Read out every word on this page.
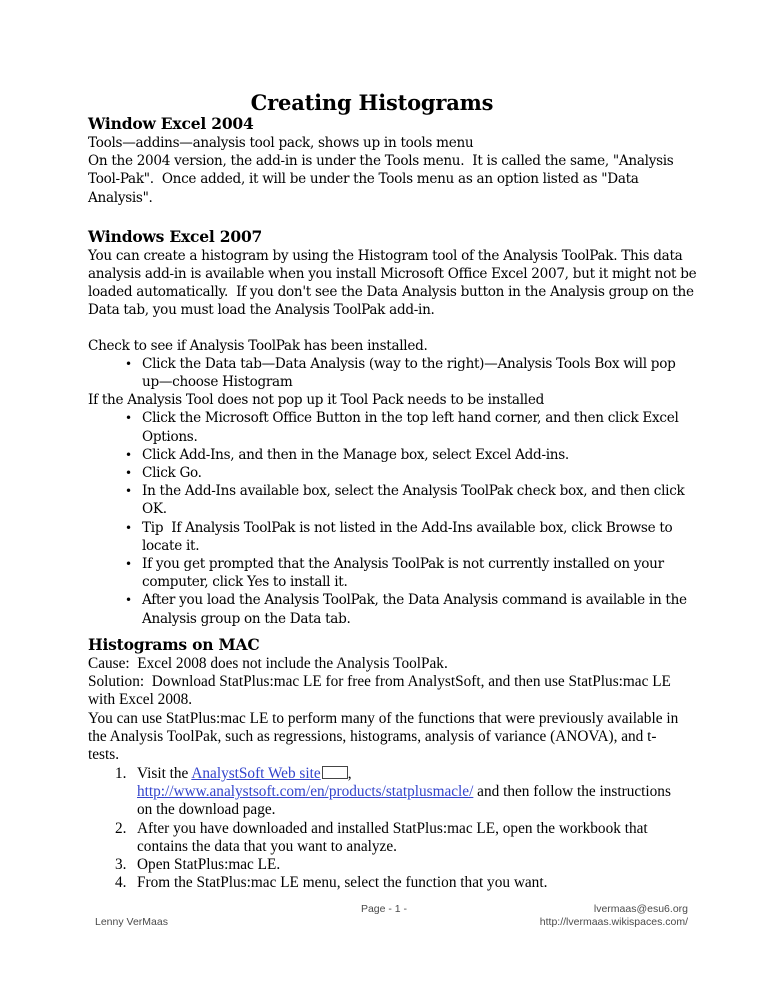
Creating Histograms
Window Excel 2004
Tools—addins—analysis tool pack, shows up in tools menu
On the 2004 version, the add-in is under the Tools menu.  It is called the same, "Analysis
Tool-Pak".  Once added, it will be under the Tools menu as an option listed as "Data
Analysis".
Windows Excel 2007
You can create a histogram by using the Histogram tool of the Analysis ToolPak. This data
analysis add-in is available when you install Microsoft Office Excel 2007, but it might not be
loaded automatically.  If you don't see the Data Analysis button in the Analysis group on the
Data tab, you must load the Analysis ToolPak add-in.
Check to see if Analysis ToolPak has been installed.
• Click the Data tab—Data Analysis (way to the right)—Analysis Tools Box will pop
up—choose Histogram
If the Analysis Tool does not pop up it Tool Pack needs to be installed
• Click the Microsoft Office Button in the top left hand corner, and then click Excel
Options.
• Click Add-Ins, and then in the Manage box, select Excel Add-ins.
• Click Go.
• In the Add-Ins available box, select the Analysis ToolPak check box, and then click
OK.
• Tip  If Analysis ToolPak is not listed in the Add-Ins available box, click Browse to
locate it.
• If you get prompted that the Analysis ToolPak is not currently installed on your
computer, click Yes to install it.
• After you load the Analysis ToolPak, the Data Analysis command is available in the
Analysis group on the Data tab.
Histograms on MAC
Cause:  Excel 2008 does not include the Analysis ToolPak.
Solution:  Download StatPlus:mac LE for free from AnalystSoft, and then use StatPlus:mac LE
with Excel 2008.
You can use StatPlus:mac LE to perform many of the functions that were previously available in
the Analysis ToolPak, such as regressions, histograms, analysis of variance (ANOVA), and t-
tests.
1. Visit the AnalystSoft Web site ,
http://www.analystsoft.com/en/products/statplusmacle/ and then follow the instructions
on the download page.
2. After you have downloaded and installed StatPlus:mac LE, open the workbook that
contains the data that you want to analyze.
3. Open StatPlus:mac LE.
4. From the StatPlus:mac LE menu, select the function that you want.
Page - 1 -	lvermaas@esu6.org
http://lvermaas.wikispaces.com/
Lenny VerMaas
